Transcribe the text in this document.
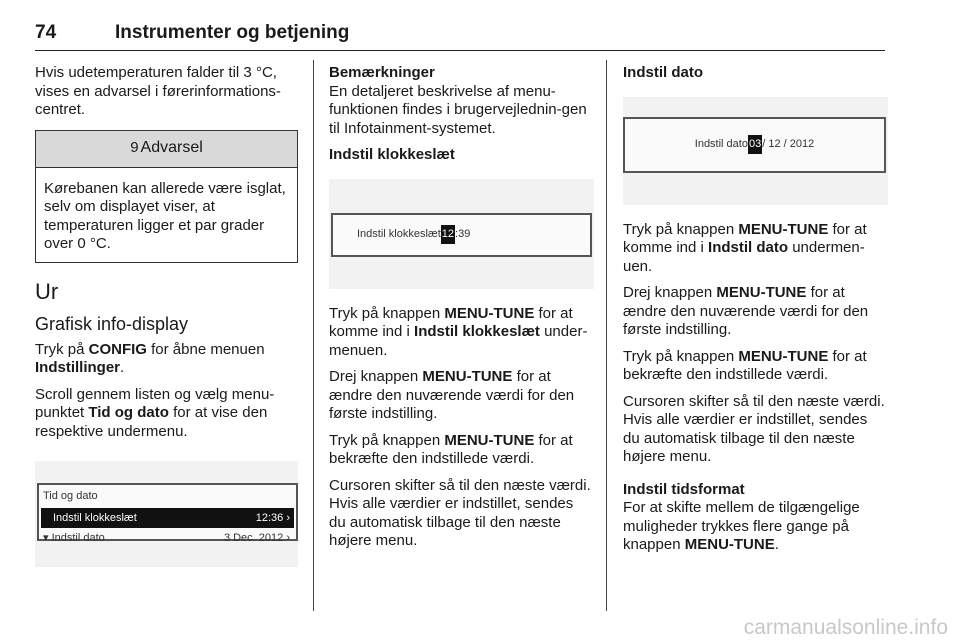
74	Instrumenter og betjening

Hvis udetemperaturen falder til 3 °C, vises en advarsel i førerinformations-centret.

9 Advarsel
Kørebanen kan allerede være isglat, selv om displayet viser, at temperaturen ligger et par grader over 0 °C.
Ur
Grafisk info-display

Tryk på CONFIG for åbne menuen Indstillinger.

Scroll gennem listen og vælg menu-punktet Tid og dato for at vise den respektive undermenu.

Tid og dato
Indstil klokkeslæt	12:36 ›
▾ Indstil dato	3 Dec. 2012 ›
Bemærkninger

En detaljeret beskrivelse af menu-funktionen findes i brugervejlednin-gen til Infotainment-systemet.

Indstil klokkeslæt
Indstil klokkeslæt 12 :39

Tryk på knappen MENU-TUNE for at komme ind i Indstil klokkeslæt under-menuen.

Drej knappen MENU-TUNE for at ændre den nuværende værdi for den første indstilling.

Tryk på knappen MENU-TUNE for at bekræfte den indstillede værdi.

Cursoren skifter så til den næste værdi. Hvis alle værdier er indstillet, sendes du automatisk tilbage til den næste højere menu.

Indstil dato
Indstil dato 03 / 12 / 2012

Tryk på knappen MENU-TUNE for at komme ind i Indstil dato undermen-uen.

Drej knappen MENU-TUNE for at ændre den nuværende værdi for den første indstilling.

Tryk på knappen MENU-TUNE for at bekræfte den indstillede værdi.

Cursoren skifter så til den næste værdi. Hvis alle værdier er indstillet, sendes du automatisk tilbage til den næste højere menu.

Indstil tidsformat

For at skifte mellem de tilgængelige muligheder trykkes flere gange på knappen MENU-TUNE.

carmanualsonline.info
